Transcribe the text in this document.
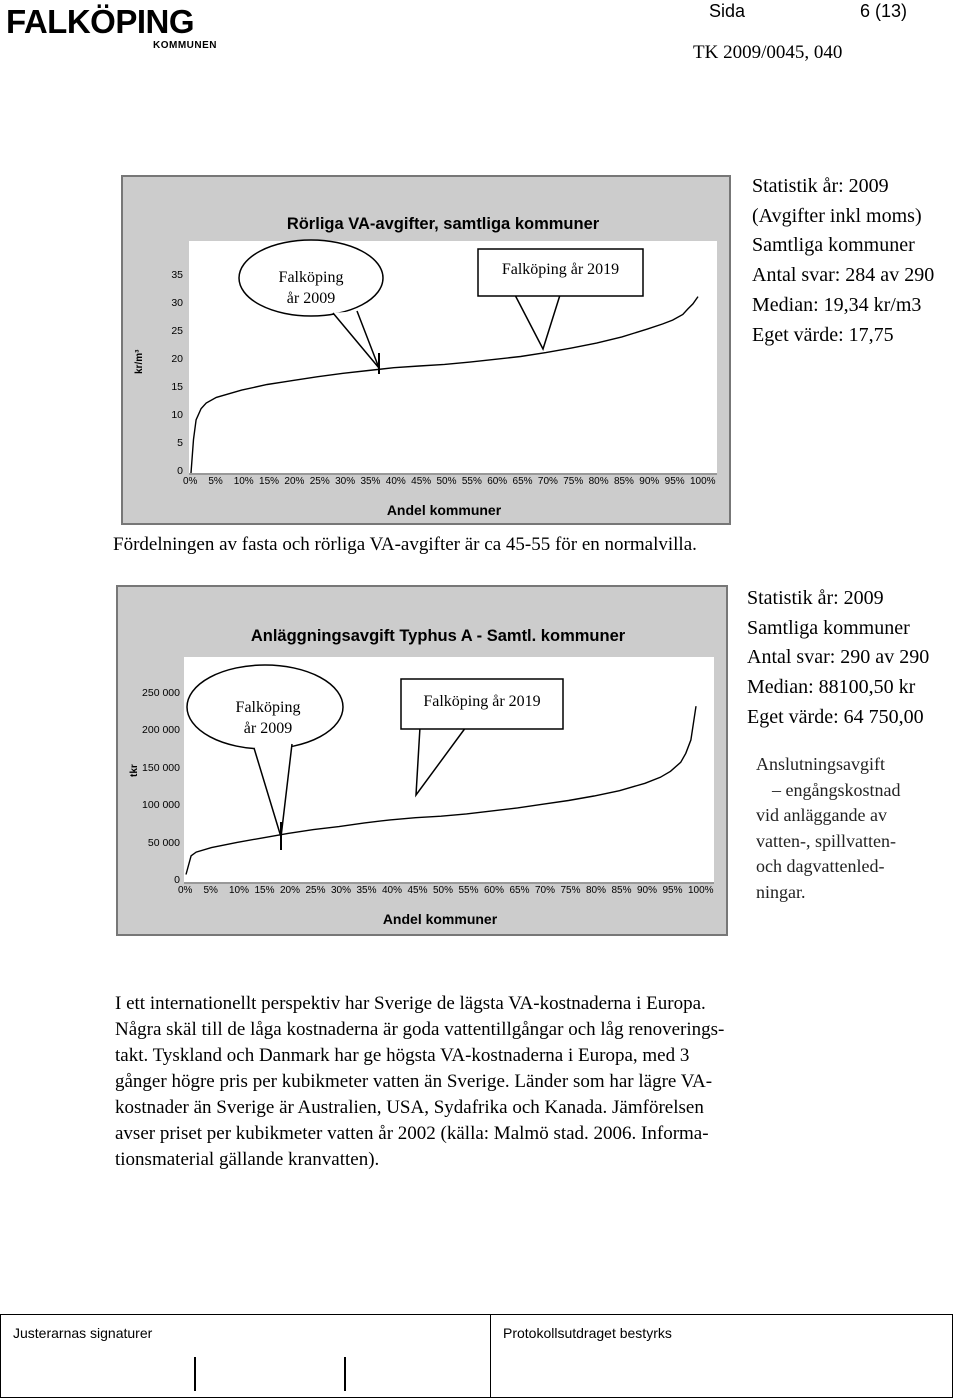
FALKÖPING
KOMMUNEN
Sida	6 (13)
TK 2009/0045, 040
Rörliga VA-avgifter, samtliga kommuner
Falköping
år 2009
Falköping år 2019
kr/m³
Andel kommuner
35
30
25
20
15
10
5
0
0% 5% 10% 15% 20% 25% 30% 35% 40% 45% 50% 55% 60% 65% 70% 75% 80% 85% 90% 95% 100%
Statistik år: 2009
(Avgifter inkl moms)
Samtliga kommuner
Antal svar: 284 av 290
Median: 19,34 kr/m3
Eget värde: 17,75
Fördelningen av fasta och rörliga VA-avgifter är ca 45-55 för en normalvilla.
Anläggningsavgift Typhus A - Samtl. kommuner
Falköping
år 2009
Falköping år 2019
tkr
Andel kommuner
250 000
200 000
150 000
100 000
50 000
0
0% 5% 10% 15% 20% 25% 30% 35% 40% 45% 50% 55% 60% 65% 70% 75% 80% 85% 90% 95% 100%
Statistik år: 2009
Samtliga kommuner
Antal svar: 290 av 290
Median: 88100,50 kr
Eget värde: 64 750,00
Anslutningsavgift
– engångskostnad
vid anläggande av
vatten-, spillvatten-
och dagvattenled-
ningar.
I ett internationellt perspektiv har Sverige de lägsta VA-kostnaderna i Europa.
Några skäl till de låga kostnaderna är goda vattentillgångar och låg renoverings-
takt. Tyskland och Danmark har ge högsta VA-kostnaderna i Europa, med 3
gånger högre pris per kubikmeter vatten än Sverige. Länder som har lägre VA-
kostnader än Sverige är Australien, USA, Sydafrika och Kanada. Jämförelsen
avser priset per kubikmeter vatten år 2002 (källa: Malmö stad. 2006. Informa-
tionsmaterial gällande kranvatten).
Justerarnas signaturer	Protokollsutdraget bestyrks
